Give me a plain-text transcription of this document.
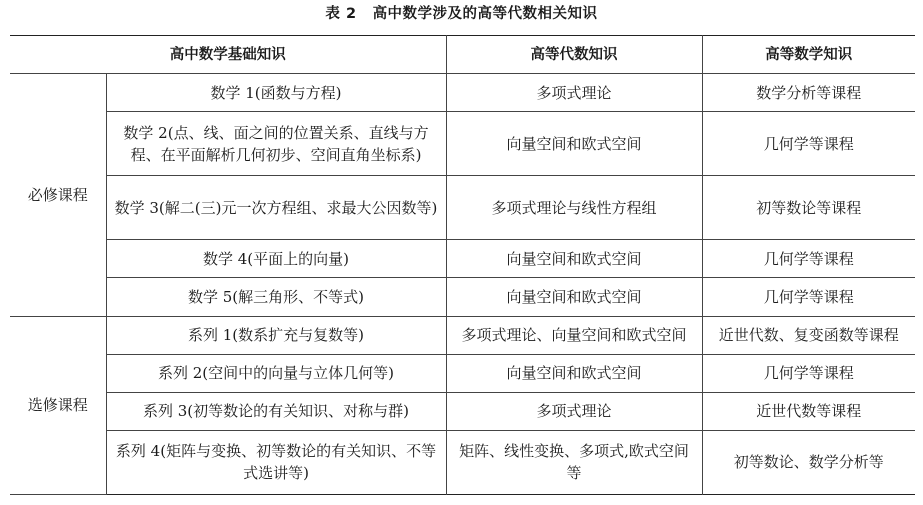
表 2 高中数学涉及的高等代数相关知识
高中数学基础知识		高等代数知识	高等数学知识
必修课程	数学 1(函数与方程)	多项式理论	数学分析等课程
	数学 2(点、线、面之间的位置关系、直线与方程、在平面解析几何初步、空间直角坐标系)	向量空间和欧式空间	几何学等课程
	数学 3(解二(三)元一次方程组、求最大公因数等)	多项式理论与线性方程组	初等数论等课程
	数学 4(平面上的向量)	向量空间和欧式空间	几何学等课程
	数学 5(解三角形、不等式)	向量空间和欧式空间	几何学等课程
选修课程	系列 1(数系扩充与复数等)	多项式理论、向量空间和欧式空间	近世代数、复变函数等课程
	系列 2(空间中的向量与立体几何等)	向量空间和欧式空间	几何学等课程
	系列 3(初等数论的有关知识、对称与群)	多项式理论	近世代数等课程
	系列 4(矩阵与变换、初等数论的有关知识、不等式选讲等)	矩阵、线性变换、多项式,欧式空间等	初等数论、数学分析等
